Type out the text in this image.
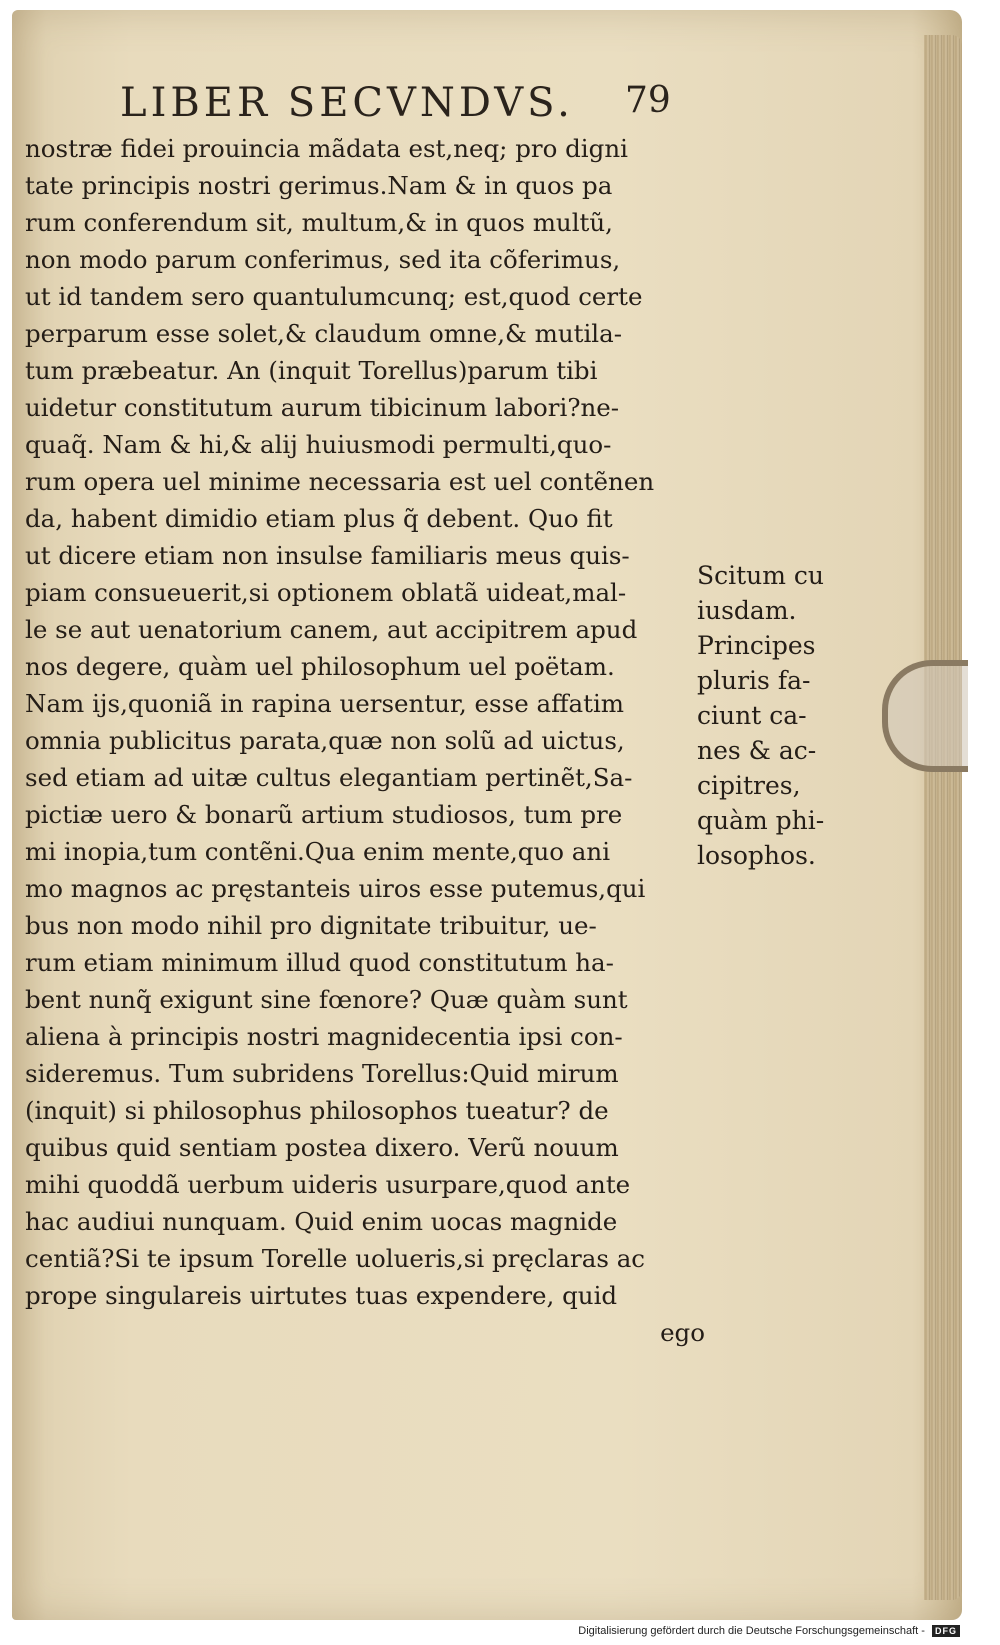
LIBER SECVNDVS. 79
nostræ fidei prouincia mãdata est,neq; pro digni
tate principis nostri gerimus.Nam & in quos pa
rum conferendum sit, multum,& in quos multũ,
non modo parum conferimus, sed ita cõferimus,
ut id tandem sero quantulumcunq; est,quod certe
perparum esse solet,& claudum omne,& mutila-
tum præbeatur. An (inquit Torellus)parum tibi
uidetur constitutum aurum tibicinum labori?ne-
quaq̃. Nam & hi,& alij huiusmodi permulti,quo-
rum opera uel minime necessaria est uel contẽnen
da, habent dimidio etiam plus q̃ debent. Quo fit
ut dicere etiam non insulse familiaris meus quis-
piam consueuerit,si optionem oblatã uideat,mal-
le se aut uenatorium canem, aut accipitrem apud
nos degere, quàm uel philosophum uel poëtam.
Nam ijs,quoniã in rapina uersentur, esse affatim
omnia publicitus parata,quæ non solũ ad uictus,
sed etiam ad uitæ cultus elegantiam pertinẽt,Sa-
pictiæ uero & bonarũ artium studiosos, tum pre
mi inopia,tum contẽni.Qua enim mente,quo ani
mo magnos ac pręstanteis uiros esse putemus,qui
bus non modo nihil pro dignitate tribuitur, ue-
rum etiam minimum illud quod constitutum ha-
bent nunq̃ exigunt sine fœnore? Quæ quàm sunt
aliena à principis nostri magnidecentia ipsi con-
sideremus. Tum subridens Torellus:Quid mirum
(inquit) si philosophus philosophos tueatur? de
quibus quid sentiam postea dixero. Verũ nouum
mihi quoddã uerbum uideris usurpare,quod ante
hac audiui nunquam. Quid enim uocas magnide
centiã?Si te ipsum Torelle uolueris,si pręclaras ac
prope singulareis uirtutes tuas expendere, quid
ego
Scitum cu
iusdam.
Principes
pluris fa-
ciunt ca-
nes & ac-
cipitres,
quàm phi-
losophos.
Digitalisierung gefördert durch die Deutsche Forschungsgemeinschaft - DFG
